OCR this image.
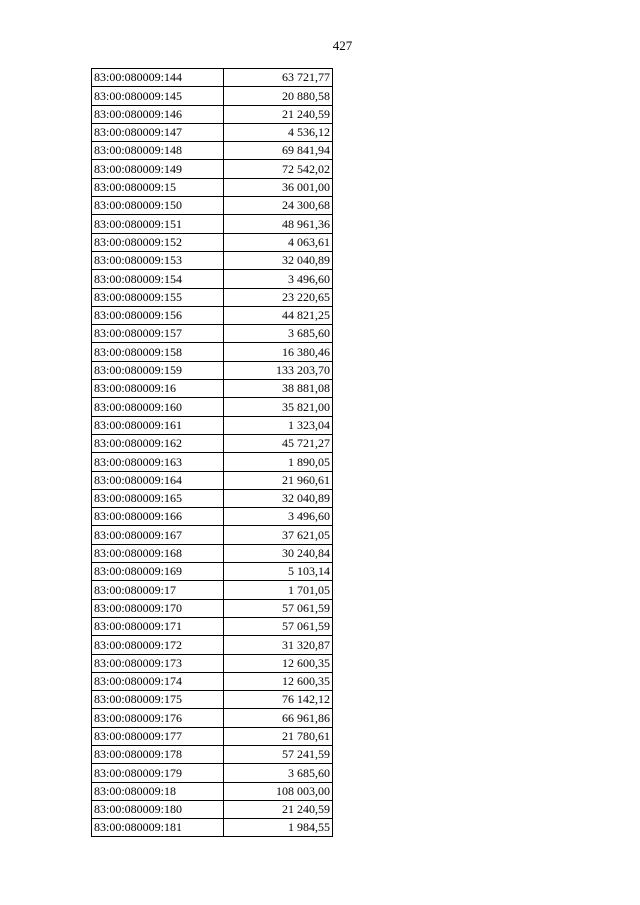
427
83:00:080009:144	63 721,77
83:00:080009:145	20 880,58
83:00:080009:146	21 240,59
83:00:080009:147	4 536,12
83:00:080009:148	69 841,94
83:00:080009:149	72 542,02
83:00:080009:15	36 001,00
83:00:080009:150	24 300,68
83:00:080009:151	48 961,36
83:00:080009:152	4 063,61
83:00:080009:153	32 040,89
83:00:080009:154	3 496,60
83:00:080009:155	23 220,65
83:00:080009:156	44 821,25
83:00:080009:157	3 685,60
83:00:080009:158	16 380,46
83:00:080009:159	133 203,70
83:00:080009:16	38 881,08
83:00:080009:160	35 821,00
83:00:080009:161	1 323,04
83:00:080009:162	45 721,27
83:00:080009:163	1 890,05
83:00:080009:164	21 960,61
83:00:080009:165	32 040,89
83:00:080009:166	3 496,60
83:00:080009:167	37 621,05
83:00:080009:168	30 240,84
83:00:080009:169	5 103,14
83:00:080009:17	1 701,05
83:00:080009:170	57 061,59
83:00:080009:171	57 061,59
83:00:080009:172	31 320,87
83:00:080009:173	12 600,35
83:00:080009:174	12 600,35
83:00:080009:175	76 142,12
83:00:080009:176	66 961,86
83:00:080009:177	21 780,61
83:00:080009:178	57 241,59
83:00:080009:179	3 685,60
83:00:080009:18	108 003,00
83:00:080009:180	21 240,59
83:00:080009:181	1 984,55
